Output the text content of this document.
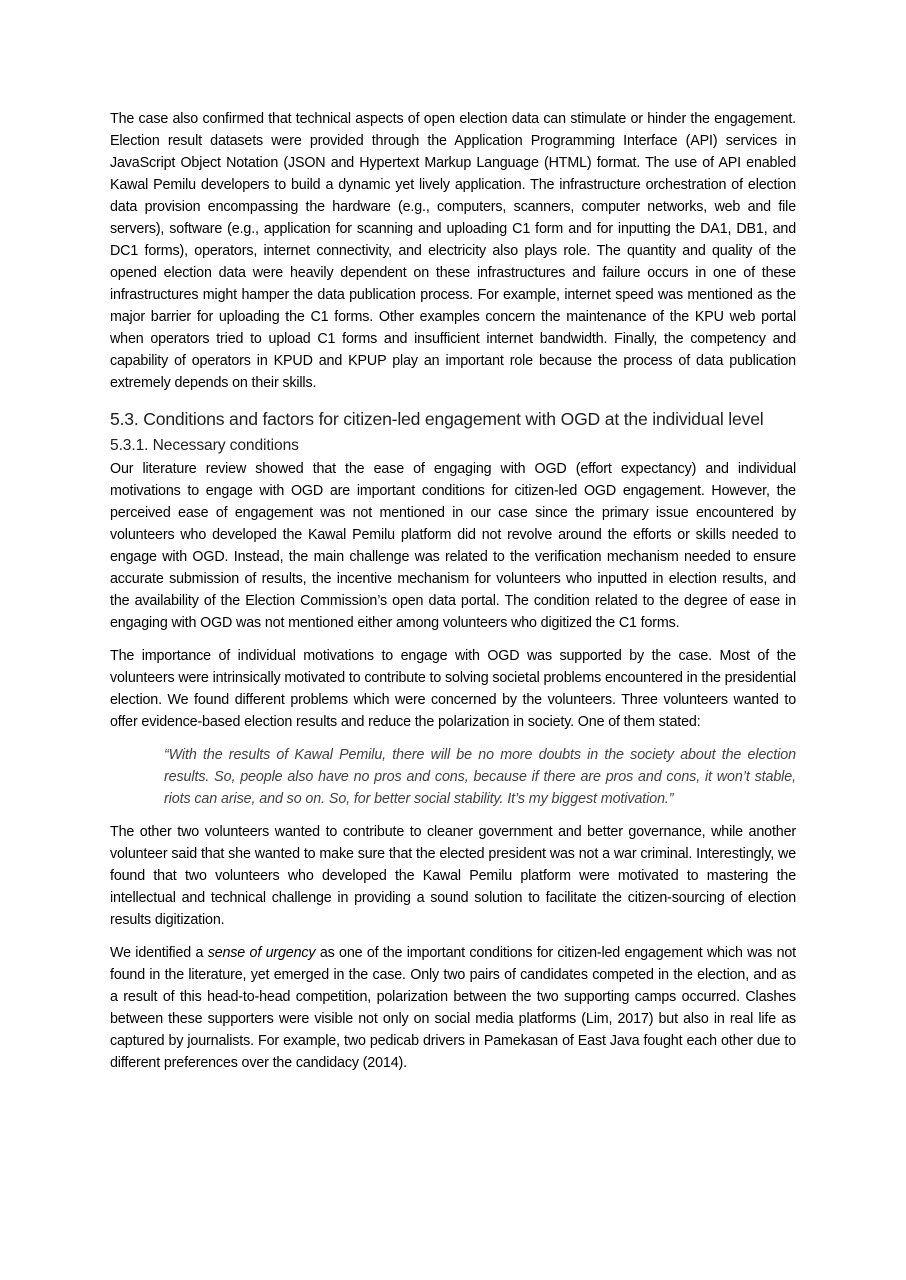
The case also confirmed that technical aspects of open election data can stimulate or hinder the engagement. Election result datasets were provided through the Application Programming Interface (API) services in JavaScript Object Notation (JSON and Hypertext Markup Language (HTML) format. The use of API enabled Kawal Pemilu developers to build a dynamic yet lively application. The infrastructure orchestration of election data provision encompassing the hardware (e.g., computers, scanners, computer networks, web and file servers), software (e.g., application for scanning and uploading C1 form and for inputting the DA1, DB1, and DC1 forms), operators, internet connectivity, and electricity also plays role. The quantity and quality of the opened election data were heavily dependent on these infrastructures and failure occurs in one of these infrastructures might hamper the data publication process. For example, internet speed was mentioned as the major barrier for uploading the C1 forms. Other examples concern the maintenance of the KPU web portal when operators tried to upload C1 forms and insufficient internet bandwidth. Finally, the competency and capability of operators in KPUD and KPUP play an important role because the process of data publication extremely depends on their skills.

5.3. Conditions and factors for citizen-led engagement with OGD at the individual level
5.3.1. Necessary conditions

Our literature review showed that the ease of engaging with OGD (effort expectancy) and individual motivations to engage with OGD are important conditions for citizen-led OGD engagement. However, the perceived ease of engagement was not mentioned in our case since the primary issue encountered by volunteers who developed the Kawal Pemilu platform did not revolve around the efforts or skills needed to engage with OGD. Instead, the main challenge was related to the verification mechanism needed to ensure accurate submission of results, the incentive mechanism for volunteers who inputted in election results, and the availability of the Election Commission’s open data portal. The condition related to the degree of ease in engaging with OGD was not mentioned either among volunteers who digitized the C1 forms.

The importance of individual motivations to engage with OGD was supported by the case. Most of the volunteers were intrinsically motivated to contribute to solving societal problems encountered in the presidential election. We found different problems which were concerned by the volunteers. Three volunteers wanted to offer evidence-based election results and reduce the polarization in society. One of them stated:

“With the results of Kawal Pemilu, there will be no more doubts in the society about the election results. So, people also have no pros and cons, because if there are pros and cons, it won’t stable, riots can arise, and so on. So, for better social stability. It’s my biggest motivation.”

The other two volunteers wanted to contribute to cleaner government and better governance, while another volunteer said that she wanted to make sure that the elected president was not a war criminal. Interestingly, we found that two volunteers who developed the Kawal Pemilu platform were motivated to mastering the intellectual and technical challenge in providing a sound solution to facilitate the citizen-sourcing of election results digitization.

We identified a sense of urgency as one of the important conditions for citizen-led engagement which was not found in the literature, yet emerged in the case. Only two pairs of candidates competed in the election, and as a result of this head-to-head competition, polarization between the two supporting camps occurred. Clashes between these supporters were visible not only on social media platforms (Lim, 2017) but also in real life as captured by journalists. For example, two pedicab drivers in Pamekasan of East Java fought each other due to different preferences over the candidacy (2014).
